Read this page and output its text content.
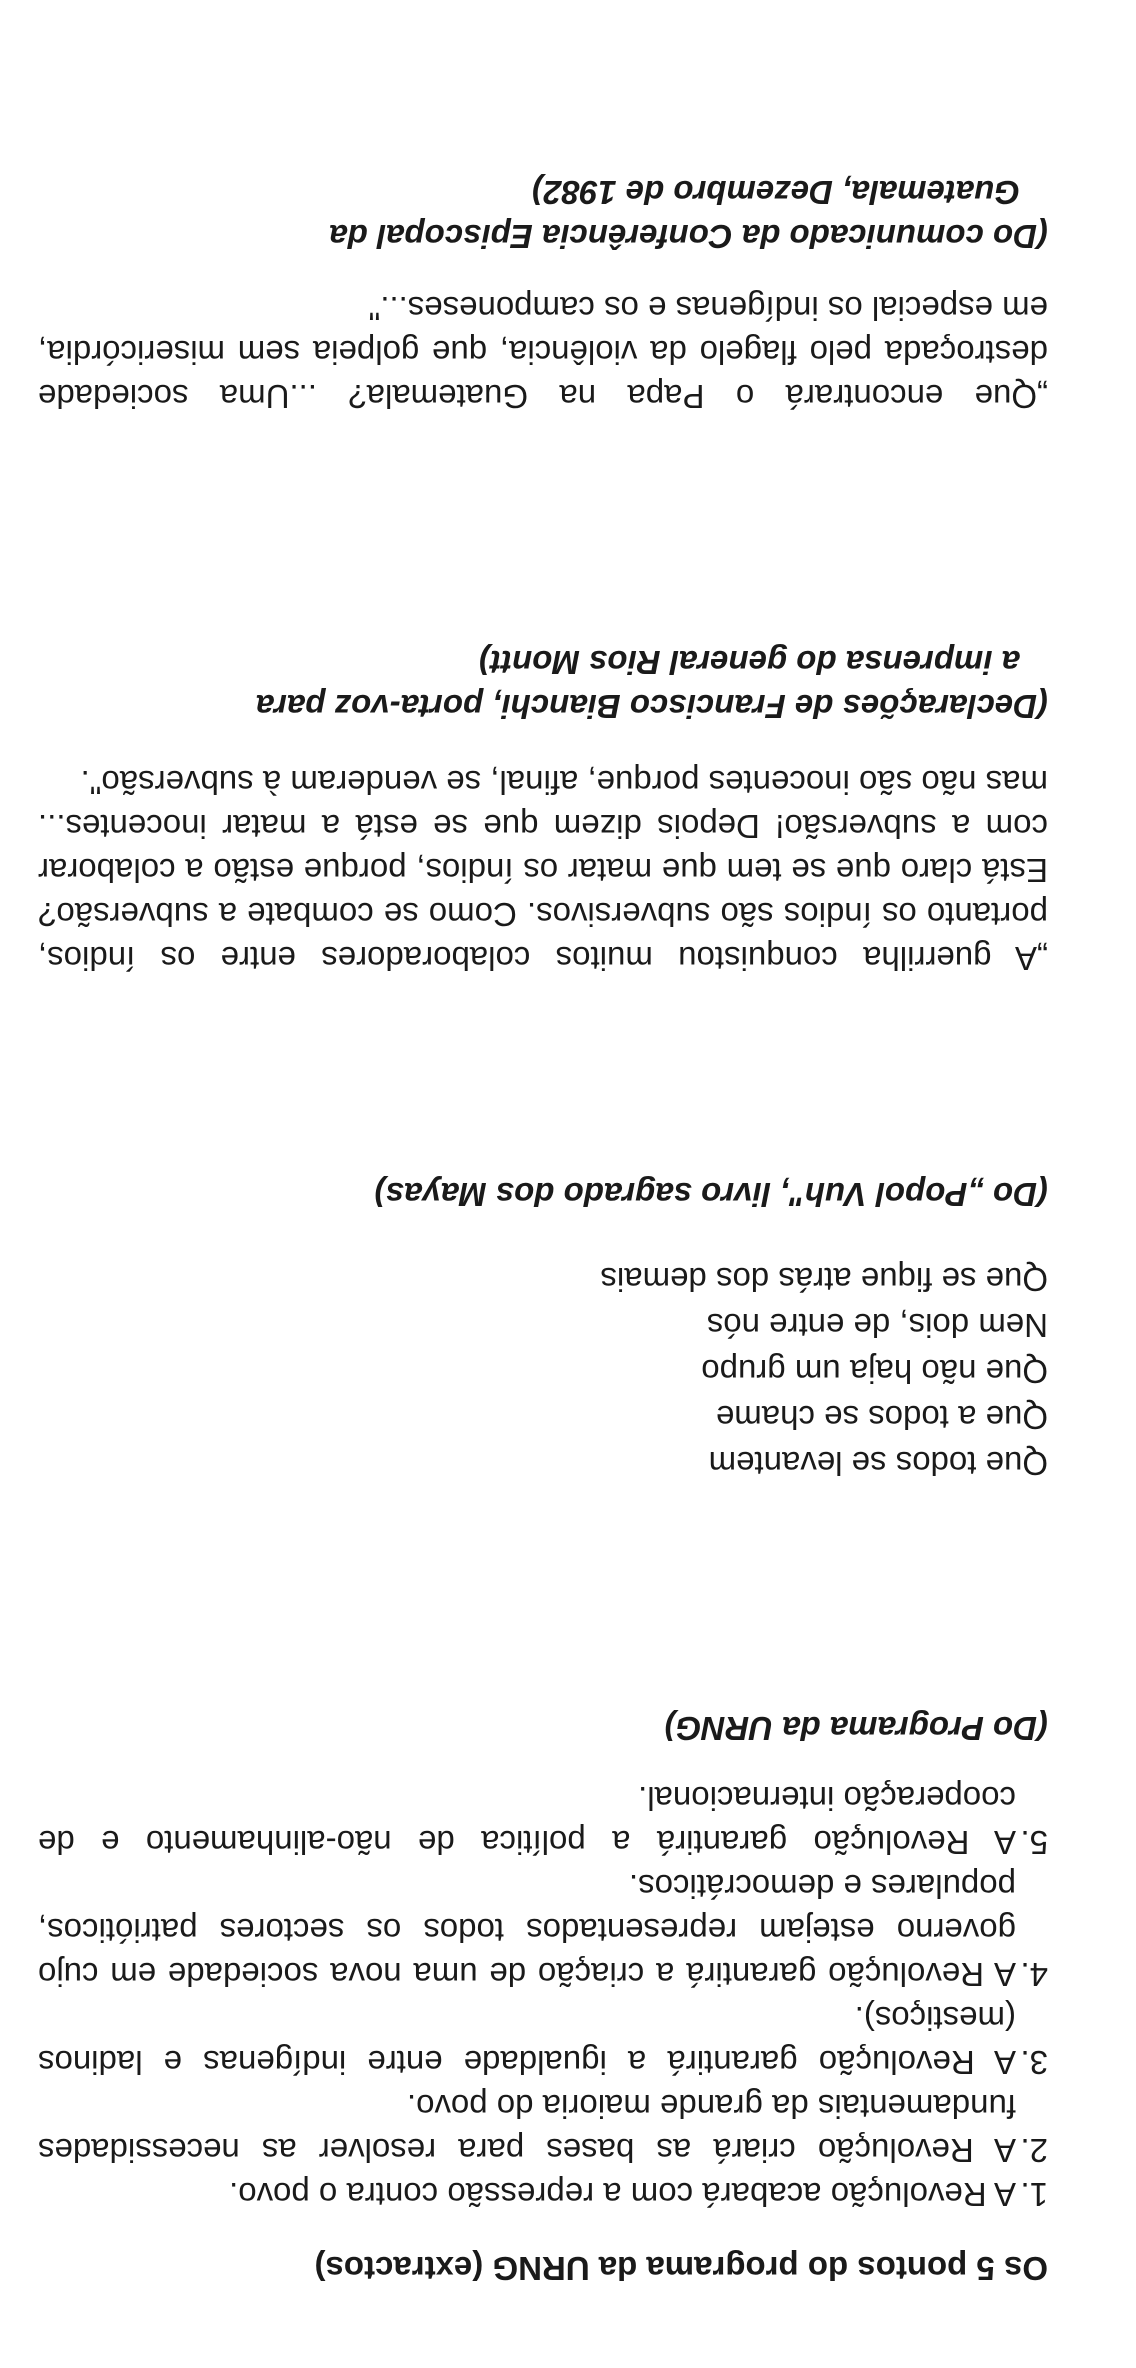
Os 5 pontos do programa da URNG (extractos)

1.
A Revolução acabará com a repressão contra o povo.
2.
A Revolução criará as bases para resolver as necessidades fundamentais da grande maioria do povo.
3.
A Revolução garantirá a igualdade entre indígenas e ladinos (mestiços).
4.
A Revolução garantirá a criação de uma nova sociedade em cujo governo estejam representados todos os sectores patrióticos, populares e democráticos.
5.
A Revolução garantirá a política de não-alinhamento e de cooperação internacional.

(Do Programa da URNG)

Que todos se levantem
Que a todos se chame
Que não haja um grupo
Nem dois, de entre nós
Que se fique atrás dos demais

(Do „Popol Vuh", livro sagrado dos Mayas)

„A guerrilha conquistou muitos colaboradores entre os índios, portanto os índios são subversivos. Como se combate a subversão? Está claro que se tem que matar os índios, porque estão a colaborar com a subversão! Depois dizem que se está a matar inocentes... mas não são inocentes porque, afinal, se venderam à subversão".

(Declarações de Francisco Bianchi, porta-voz para
a imprensa do general Rios Montt)

„Que encontrará o Papa na Guatemala? ...Uma sociedade destroçada pelo flagelo da violência, que golpeia sem misericórdia, em especial os indígenas e os camponeses..."

(Do comunicado da Conferência Episcopal da
Guatemala, Dezembro de 1982)
